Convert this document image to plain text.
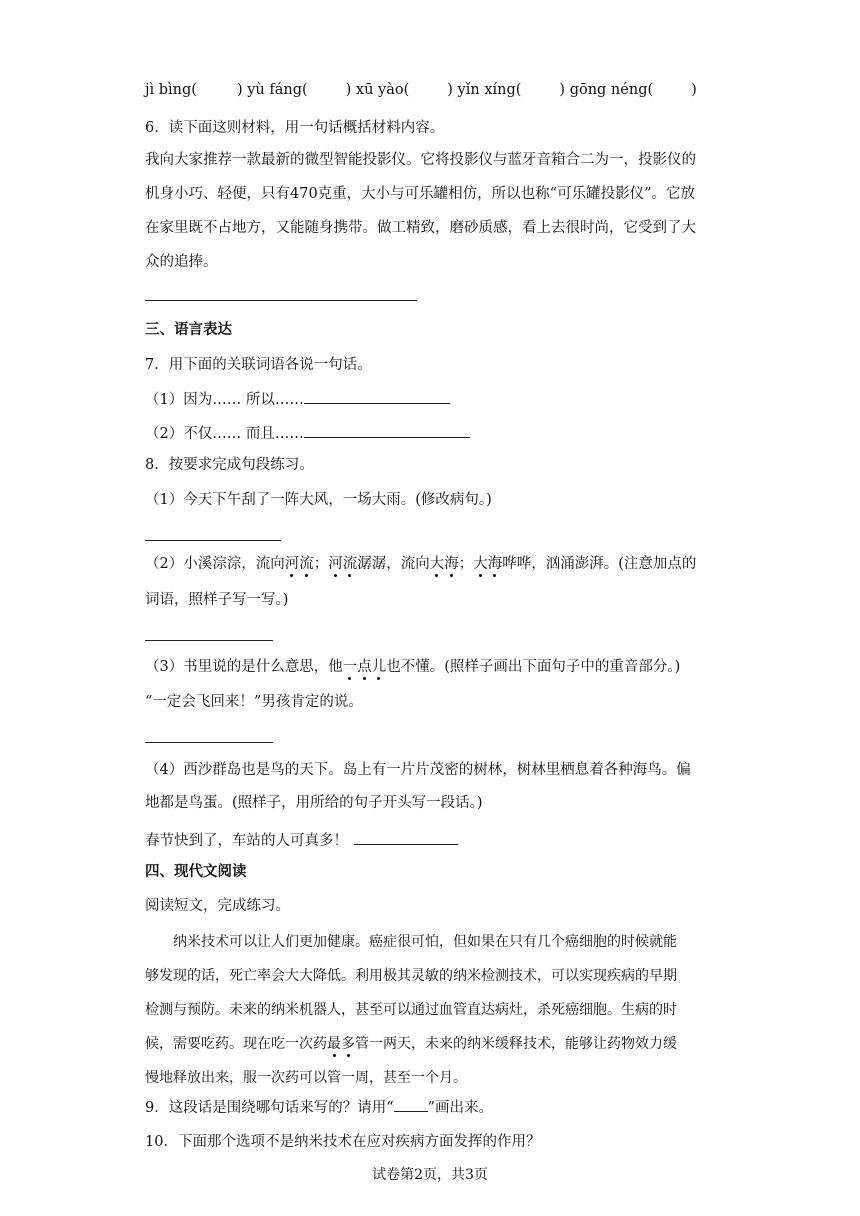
jì bìng(	) yù fáng(	) xū yào(	) yǐn xíng(	) gōng néng(	)
6．读下面这则材料，用一句话概括材料内容。
我向大家推荐一款最新的微型智能投影仪。它将投影仪与蓝牙音箱合二为一，投影仪的
机身小巧、轻便，只有470克重，大小与可乐罐相仿，所以也称“可乐罐投影仪”。它放
在家里既不占地方，又能随身携带。做工精致，磨砂质感，看上去很时尚，它受到了大
众的追捧。
三、语言表达
7．用下面的关联词语各说一句话。
（1）因为…… 所以……
（2）不仅…… 而且……
8．按要求完成句段练习。
（1）今天下午刮了一阵大风，一场大雨。(修改病句。)
（2）小溪淙淙，流向河流；河流潺潺，流向大海；大海哗哗，汹涌澎湃。(注意加点的
词语，照样子写一写。)
（3）书里说的是什么意思，他一点儿也不懂。(照样子画出下面句子中的重音部分。)
“一定会飞回来！”男孩肯定的说。
（4）西沙群岛也是鸟的天下。岛上有一片片茂密的树林，树林里栖息着各种海鸟。偏
地都是鸟蛋。(照样子，用所给的句子开头写一段话。)
春节快到了，车站的人可真多！
四、现代文阅读
阅读短文，完成练习。
纳米技术可以让人们更加健康。癌症很可怕，但如果在只有几个癌细胞的时候就能
够发现的话，死亡率会大大降低。利用极其灵敏的纳米检测技术，可以实现疾病的早期
检测与预防。未来的纳米机器人，甚至可以通过血管直达病灶，杀死癌细胞。生病的时
候，需要吃药。现在吃一次药最多管一两天，未来的纳米缓释技术，能够让药物效力缓
慢地释放出来，服一次药可以管一周，甚至一个月。
9．这段话是围绕哪句话来写的？请用“ ”画出来。
10．下面那个选项不是纳米技术在应对疾病方面发挥的作用？
试卷第2页，共3页
